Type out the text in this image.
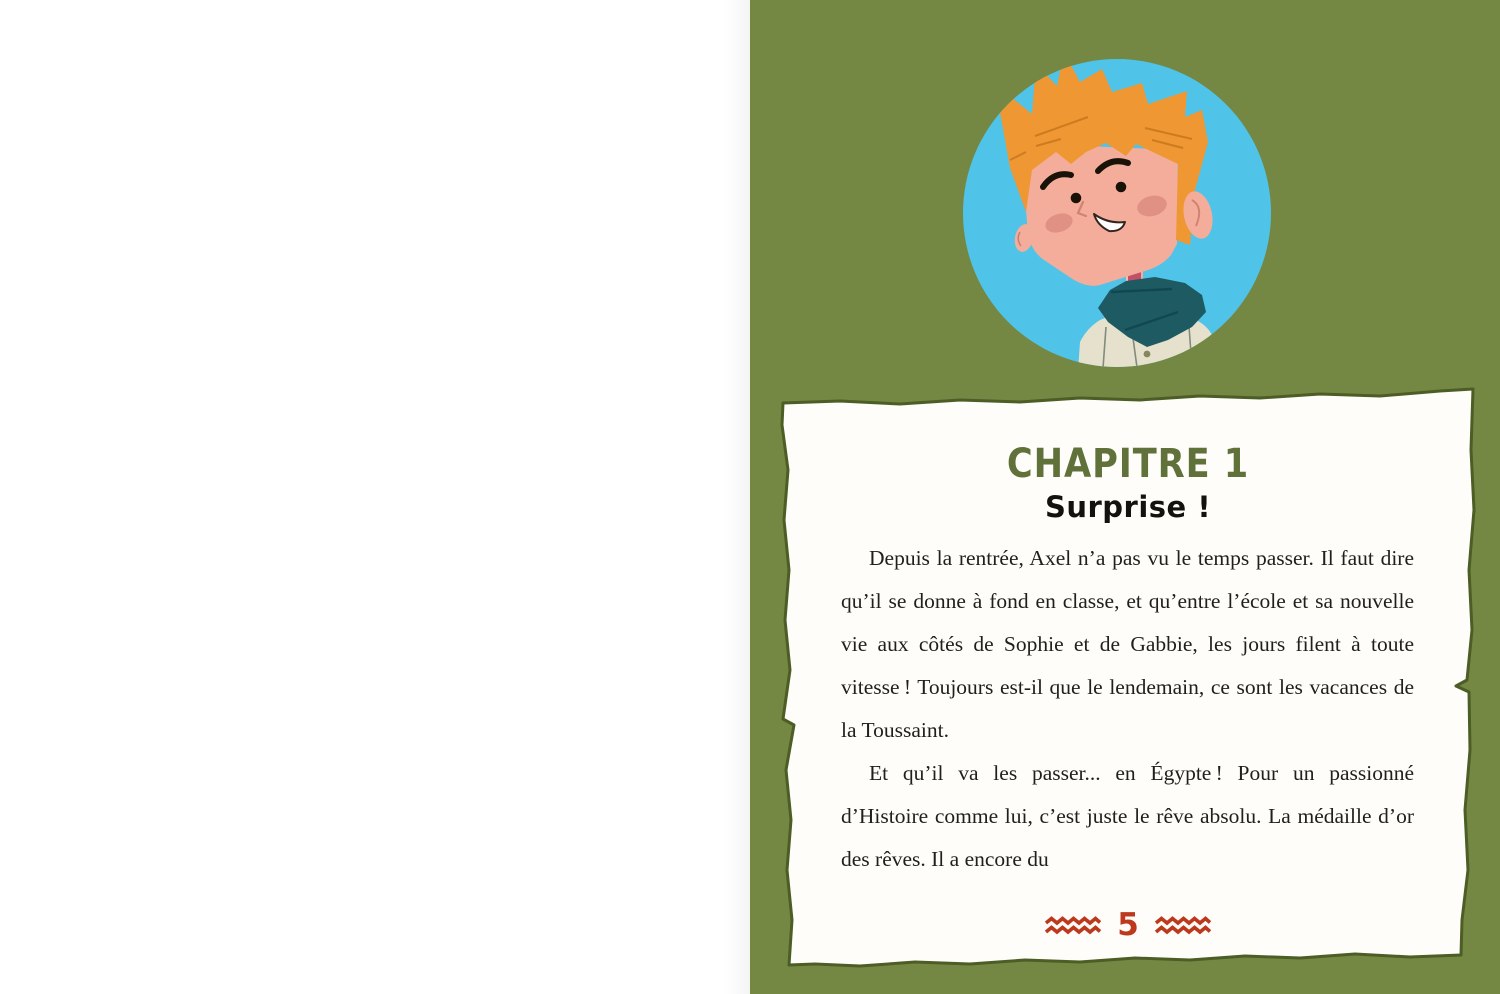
CHAPITRE 1
Surprise !

Depuis la rentrée, Axel n’a pas vu le temps passer. Il faut dire qu’il se donne à fond en classe, et qu’entre l’école et sa nouvelle vie aux côtés de Sophie et de Gabbie, les jours filent à toute vitesse ! Toujours est-il que le lendemain, ce sont les vacances de la Toussaint.

Et qu’il va les passer... en Égypte ! Pour un passionné d’Histoire comme lui, c’est juste le rêve absolu. La médaille d’or des rêves. Il a encore du

5
